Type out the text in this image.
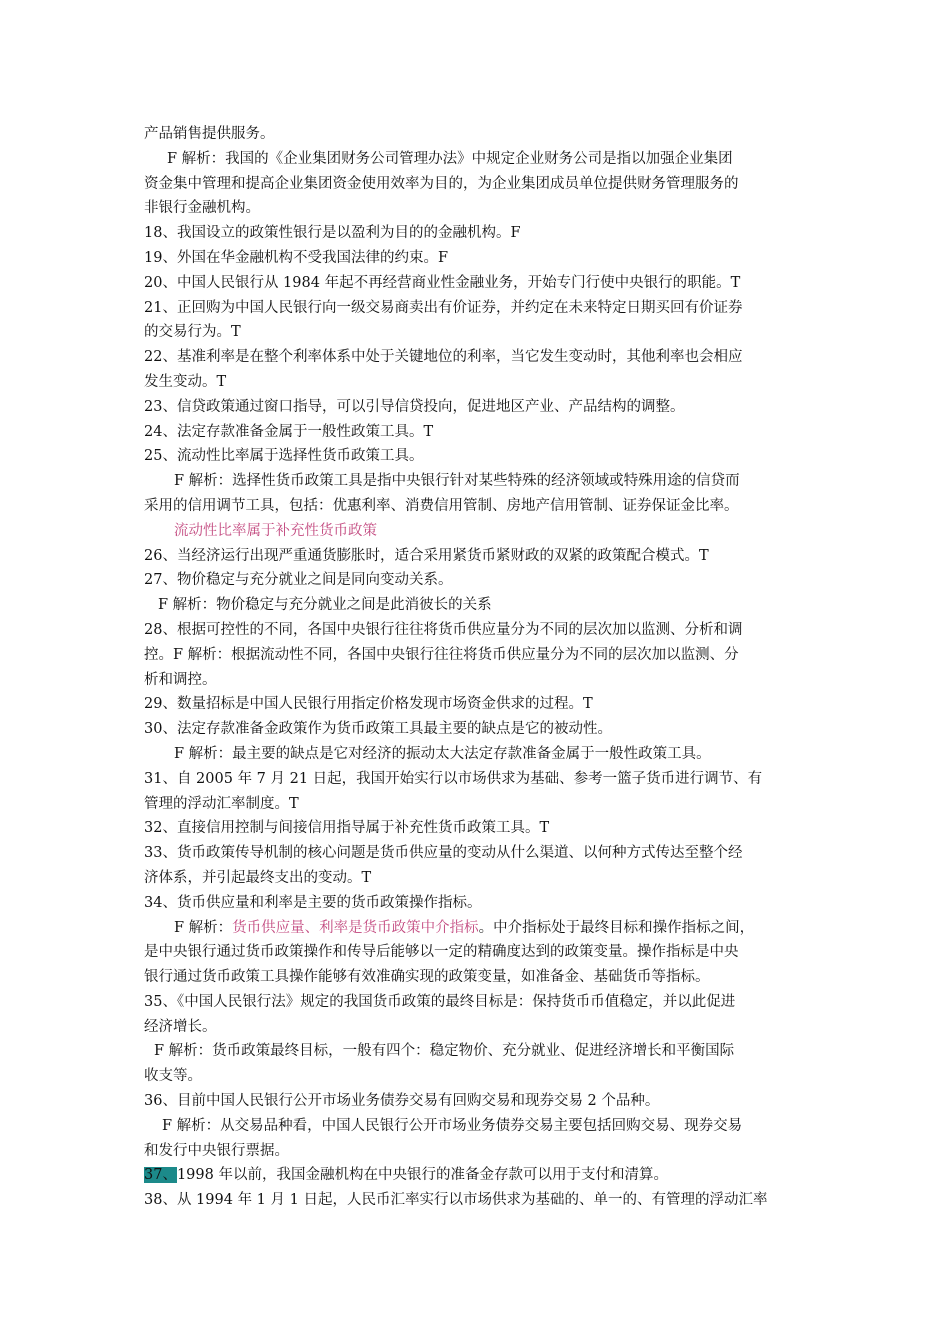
产品销售提供服务。
F 解析：我国的《企业集团财务公司管理办法》中规定企业财务公司是指以加强企业集团
资金集中管理和提高企业集团资金使用效率为目的，为企业集团成员单位提供财务管理服务的
非银行金融机构。
18、我国设立的政策性银行是以盈利为目的的金融机构。F
19、外国在华金融机构不受我国法律的约束。F
20、中国人民银行从 1984 年起不再经营商业性金融业务，开始专门行使中央银行的职能。T
21、正回购为中国人民银行向一级交易商卖出有价证券，并约定在未来特定日期买回有价证券
的交易行为。T
22、基准利率是在整个利率体系中处于关键地位的利率，当它发生变动时，其他利率也会相应
发生变动。T
23、信贷政策通过窗口指导，可以引导信贷投向，促进地区产业、产品结构的调整。
24、法定存款准备金属于一般性政策工具。T
25、流动性比率属于选择性货币政策工具。
F 解析：选择性货币政策工具是指中央银行针对某些特殊的经济领域或特殊用途的信贷而
采用的信用调节工具，包括：优惠利率、消费信用管制、房地产信用管制、证券保证金比率。
流动性比率属于补充性货币政策
26、当经济运行出现严重通货膨胀时，适合采用紧货币紧财政的双紧的政策配合模式。T
27、物价稳定与充分就业之间是同向变动关系。
F 解析：物价稳定与充分就业之间是此消彼长的关系
28、根据可控性的不同，各国中央银行往往将货币供应量分为不同的层次加以监测、分析和调
控。F 解析：根据流动性不同，各国中央银行往往将货币供应量分为不同的层次加以监测、分
析和调控。
29、数量招标是中国人民银行用指定价格发现市场资金供求的过程。T
30、法定存款准备金政策作为货币政策工具最主要的缺点是它的被动性。
F 解析：最主要的缺点是它对经济的振动太大法定存款准备金属于一般性政策工具。
31、自 2005 年 7 月 21 日起，我国开始实行以市场供求为基础、参考一篮子货币进行调节、有
管理的浮动汇率制度。T
32、直接信用控制与间接信用指导属于补充性货币政策工具。T
33、货币政策传导机制的核心问题是货币供应量的变动从什么渠道、以何种方式传达至整个经
济体系，并引起最终支出的变动。T
34、货币供应量和利率是主要的货币政策操作指标。
F 解析：货币供应量、利率是货币政策中介指标。中介指标处于最终目标和操作指标之间，
是中央银行通过货币政策操作和传导后能够以一定的精确度达到的政策变量。操作指标是中央
银行通过货币政策工具操作能够有效准确实现的政策变量，如准备金、基础货币等指标。
35、《中国人民银行法》规定的我国货币政策的最终目标是：保持货币币值稳定，并以此促进
经济增长。
F 解析：货币政策最终目标，一般有四个：稳定物价、充分就业、促进经济增长和平衡国际
收支等。
36、目前中国人民银行公开市场业务债券交易有回购交易和现券交易 2 个品种。
F 解析：从交易品种看，中国人民银行公开市场业务债券交易主要包括回购交易、现券交易
和发行中央银行票据。
37、1998 年以前，我国金融机构在中央银行的准备金存款可以用于支付和清算。
38、从 1994 年 1 月 1 日起，人民币汇率实行以市场供求为基础的、单一的、有管理的浮动汇率
